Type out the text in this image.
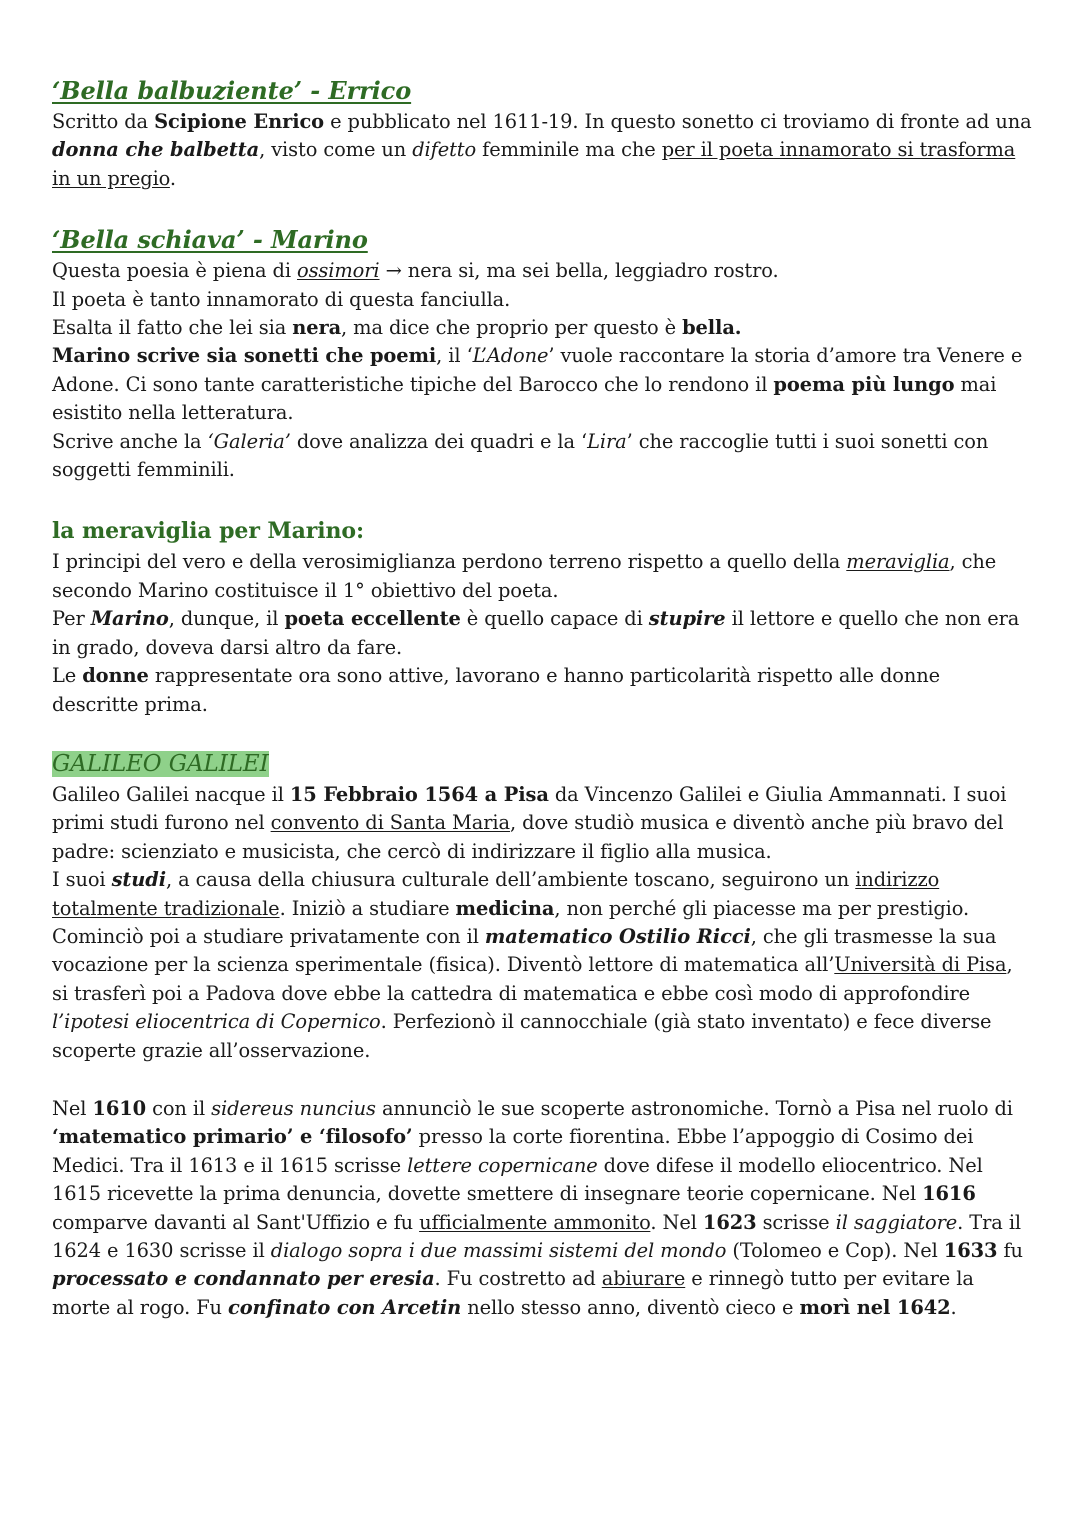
‘Bella balbuziente’ - Errico

Scritto da Scipione Enrico e pubblicato nel 1611-19. In questo sonetto ci troviamo di fronte ad una donna che balbetta, visto come un difetto femminile ma che per il poeta innamorato si trasforma in un pregio.

‘Bella schiava’ - Marino

Questa poesia è piena di ossimori → nera si, ma sei bella, leggiadro rostro.

Il poeta è tanto innamorato di questa fanciulla.

Esalta il fatto che lei sia nera, ma dice che proprio per questo è bella.

Marino scrive sia sonetti che poemi, il ‘L’Adone’ vuole raccontare la storia d’amore tra Venere e Adone. Ci sono tante caratteristiche tipiche del Barocco che lo rendono il poema più lungo mai esistito nella letteratura.

Scrive anche la ‘Galeria’ dove analizza dei quadri e la ‘Lira’ che raccoglie tutti i suoi sonetti con soggetti femminili.

la meraviglia per Marino:

I principi del vero e della verosimiglianza perdono terreno rispetto a quello della meraviglia, che secondo Marino costituisce il 1° obiettivo del poeta.

Per Marino, dunque, il poeta eccellente è quello capace di stupire il lettore e quello che non era in grado, doveva darsi altro da fare.

Le donne rappresentate ora sono attive, lavorano e hanno particolarità rispetto alle donne descritte prima.

GALILEO GALILEI

Galileo Galilei nacque il 15 Febbraio 1564 a Pisa da Vincenzo Galilei e Giulia Ammannati. I suoi primi studi furono nel convento di Santa Maria, dove studiò musica e diventò anche più bravo del padre: scienziato e musicista, che cercò di indirizzare il figlio alla musica.

I suoi studi, a causa della chiusura culturale dell’ambiente toscano, seguirono un indirizzo totalmente tradizionale. Iniziò a studiare medicina, non perché gli piacesse ma per prestigio.

Cominciò poi a studiare privatamente con il matematico Ostilio Ricci, che gli trasmesse la sua vocazione per la scienza sperimentale (fisica). Diventò lettore di matematica all’Università di Pisa, si trasferì poi a Padova dove ebbe la cattedra di matematica e ebbe così modo di approfondire l’ipotesi eliocentrica di Copernico. Perfezionò il cannocchiale (già stato inventato) e fece diverse scoperte grazie all’osservazione.

Nel 1610 con il sidereus nuncius annunciò le sue scoperte astronomiche. Tornò a Pisa nel ruolo di ‘matematico primario’ e ‘filosofo’ presso la corte fiorentina. Ebbe l’appoggio di Cosimo dei Medici. Tra il 1613 e il 1615 scrisse lettere copernicane dove difese il modello eliocentrico. Nel 1615 ricevette la prima denuncia, dovette smettere di insegnare teorie copernicane. Nel 1616 comparve davanti al Sant'Uffizio e fu ufficialmente ammonito. Nel 1623 scrisse il saggiatore. Tra il 1624 e 1630 scrisse il dialogo sopra i due massimi sistemi del mondo (Tolomeo e Cop). Nel 1633 fu processato e condannato per eresia. Fu costretto ad abiurare e rinnegò tutto per evitare la morte al rogo. Fu confinato con Arcetin nello stesso anno, diventò cieco e morì nel 1642.
